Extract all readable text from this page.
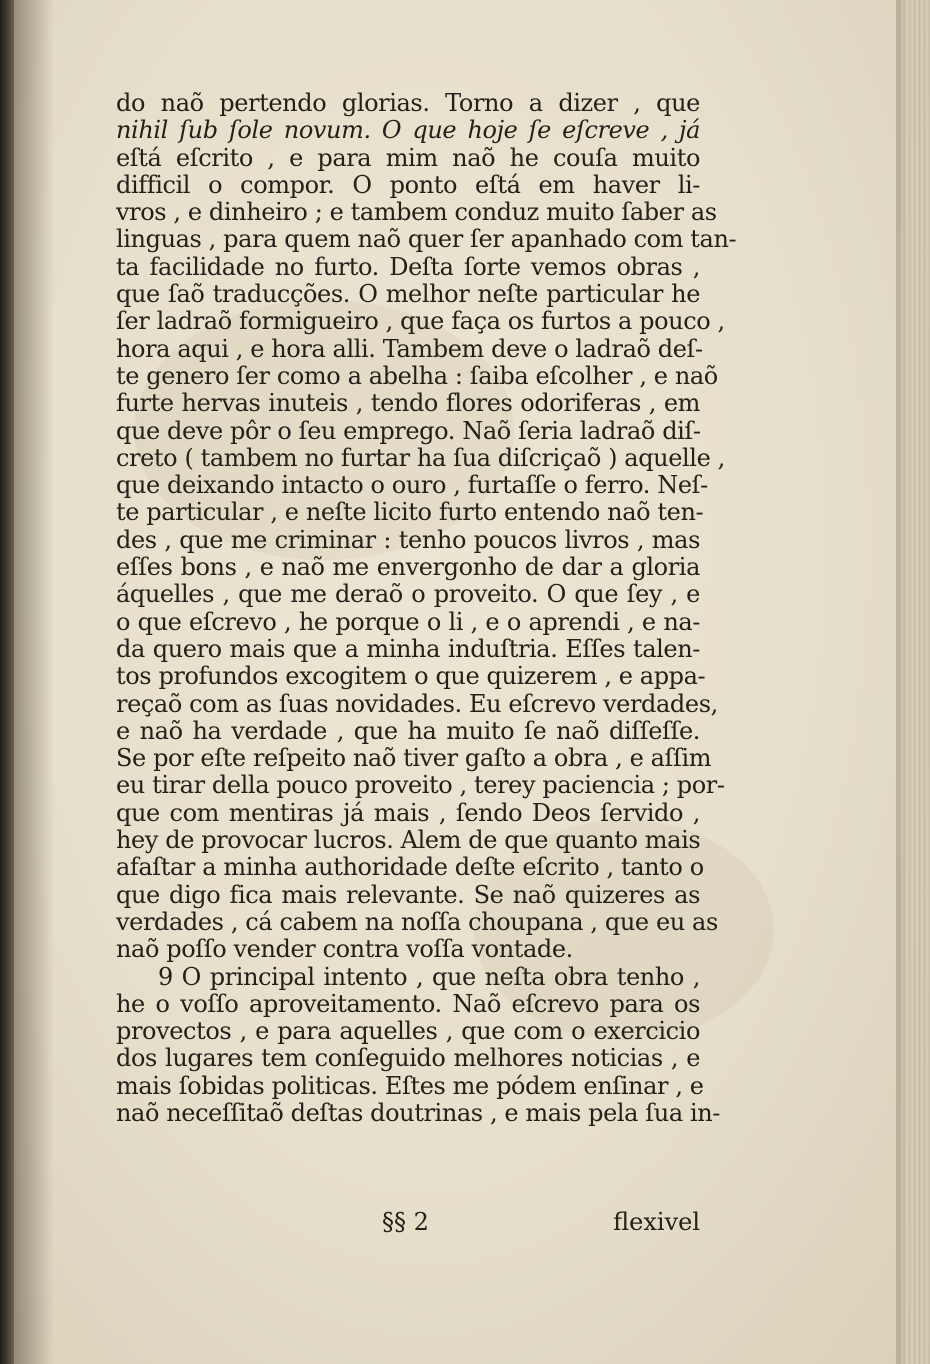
do naõ pertendo glorias. Torno a dizer , que
nihil ſub ſole novum. O que hoje ſe eſcreve , já
eſtá eſcrito , e para mim naõ he couſa muito
difficil o compor. O ponto eſtá em haver li-
vros , e dinheiro ; e tambem conduz muito ſaber as
linguas , para quem naõ quer ſer apanhado com tan-
ta facilidade no furto. Deſta ſorte vemos obras ,
que ſaõ traducções. O melhor neſte particular he
ſer ladraõ formigueiro , que faça os furtos a pouco ,
hora aqui , e hora alli. Tambem deve o ladraõ deſ-
te genero ſer como a abelha : ſaiba eſcolher , e naõ
furte hervas inuteis , tendo flores odoriferas , em
que deve pôr o ſeu emprego. Naõ ſeria ladraõ diſ-
creto ( tambem no furtar ha ſua diſcriçaõ ) aquelle ,
que deixando intacto o ouro , furtaſſe o ferro. Neſ-
te particular , e neſte licito furto entendo naõ ten-
des , que me criminar : tenho poucos livros , mas
eſſes bons , e naõ me envergonho de dar a gloria
áquelles , que me deraõ o proveito. O que ſey , e
o que eſcrevo , he porque o li , e o aprendi , e na-
da quero mais que a minha induſtria. Eſſes talen-
tos profundos excogitem o que quizerem , e appa-
reçaõ com as ſuas novidades. Eu eſcrevo verdades,
e naõ ha verdade , que ha muito ſe naõ diſſeſſe.
Se por eſte reſpeito naõ tiver gaſto a obra , e aſſim
eu tirar della pouco proveito , terey paciencia ; por-
que com mentiras já mais , ſendo Deos ſervido ,
hey de provocar lucros. Alem de que quanto mais
afaſtar a minha authoridade deſte eſcrito , tanto o
que digo fica mais relevante. Se naõ quizeres as
verdades , cá cabem na noſſa choupana , que eu as
naõ poſſo vender contra voſſa vontade.
9 O principal intento , que neſta obra tenho ,
he o voſſo aproveitamento. Naõ eſcrevo para os
provectos , e para aquelles , que com o exercicio
dos lugares tem conſeguido melhores noticias , e
mais ſobidas politicas. Eſtes me pódem enſinar , e
naõ neceſſitaõ deſtas doutrinas , e mais pela ſua in-
§§ 2	flexivel
